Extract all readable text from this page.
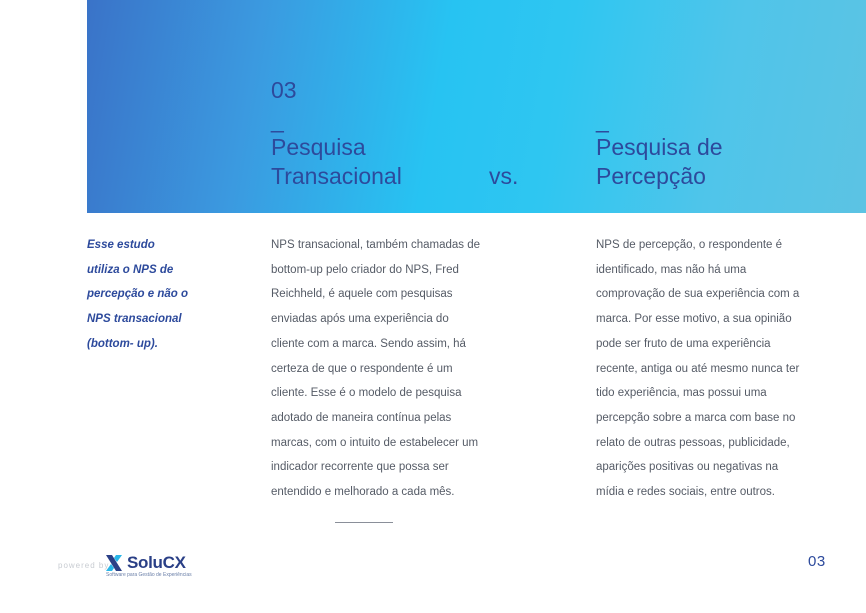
03
_
Pesquisa
Transacional	vs.
_
Pesquisa de
Percepção
Esse estudo
utiliza o NPS de
percepção e não o
NPS transacional
(bottom- up).
NPS transacional, também chamadas de
bottom-up pelo criador do NPS, Fred
Reichheld, é aquele com pesquisas
enviadas após uma experiência do
cliente com a marca. Sendo assim, há
certeza de que o respondente é um
cliente. Esse é o modelo de pesquisa
adotado de maneira contínua pelas
marcas, com o intuito de estabelecer um
indicador recorrente que possa ser
entendido e melhorado a cada mês.
NPS de percepção, o respondente é
identificado, mas não há uma
comprovação de sua experiência com a
marca. Por esse motivo, a sua opinião
pode ser fruto de uma experiência
recente, antiga ou até mesmo nunca ter
tido experiência, mas possui uma
percepção sobre a marca com base no
relato de outras pessoas, publicidade,
aparições positivas ou negativas na
mídia e redes sociais, entre outros.
powered by SoluCX
Software para Gestão de Experiências
03
